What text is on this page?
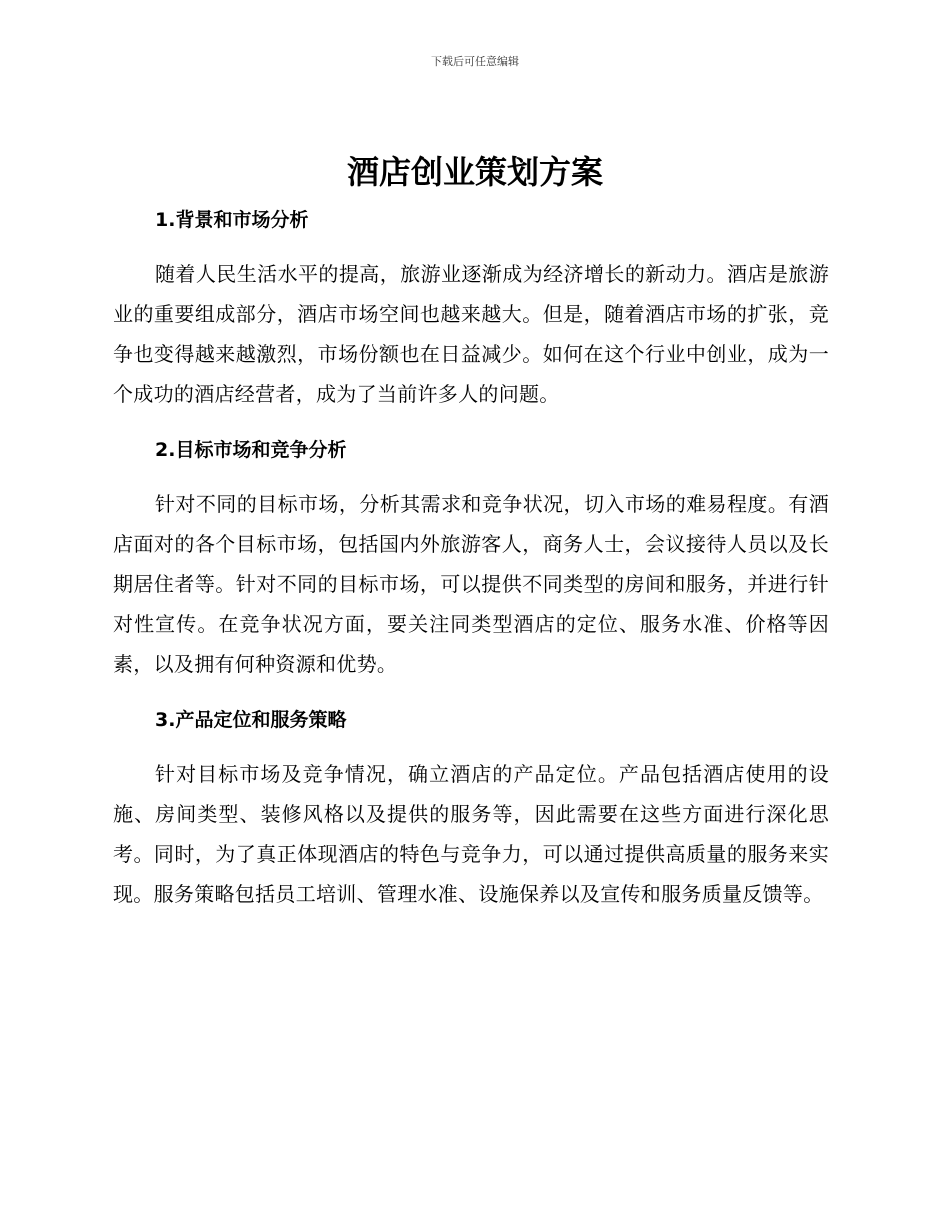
下载后可任意编辑
酒店创业策划方案
1.背景和市场分析

随着人民生活水平的提高，旅游业逐渐成为经济增长的新动力。酒店是旅游业的重要组成部分，酒店市场空间也越来越大。但是，随着酒店市场的扩张，竞争也变得越来越激烈，市场份额也在日益减少。如何在这个行业中创业，成为一个成功的酒店经营者，成为了当前许多人的问题。

2.目标市场和竞争分析

针对不同的目标市场，分析其需求和竞争状况，切入市场的难易程度。有酒店面对的各个目标市场，包括国内外旅游客人，商务人士，会议接待人员以及长期居住者等。针对不同的目标市场，可以提供不同类型的房间和服务，并进行针对性宣传。在竞争状况方面，要关注同类型酒店的定位、服务水准、价格等因素，以及拥有何种资源和优势。

3.产品定位和服务策略

针对目标市场及竞争情况，确立酒店的产品定位。产品包括酒店使用的设施、房间类型、装修风格以及提供的服务等，因此需要在这些方面进行深化思考。同时，为了真正体现酒店的特色与竞争力，可以通过提供高质量的服务来实现。服务策略包括员工培训、管理水准、设施保养以及宣传和服务质量反馈等。
